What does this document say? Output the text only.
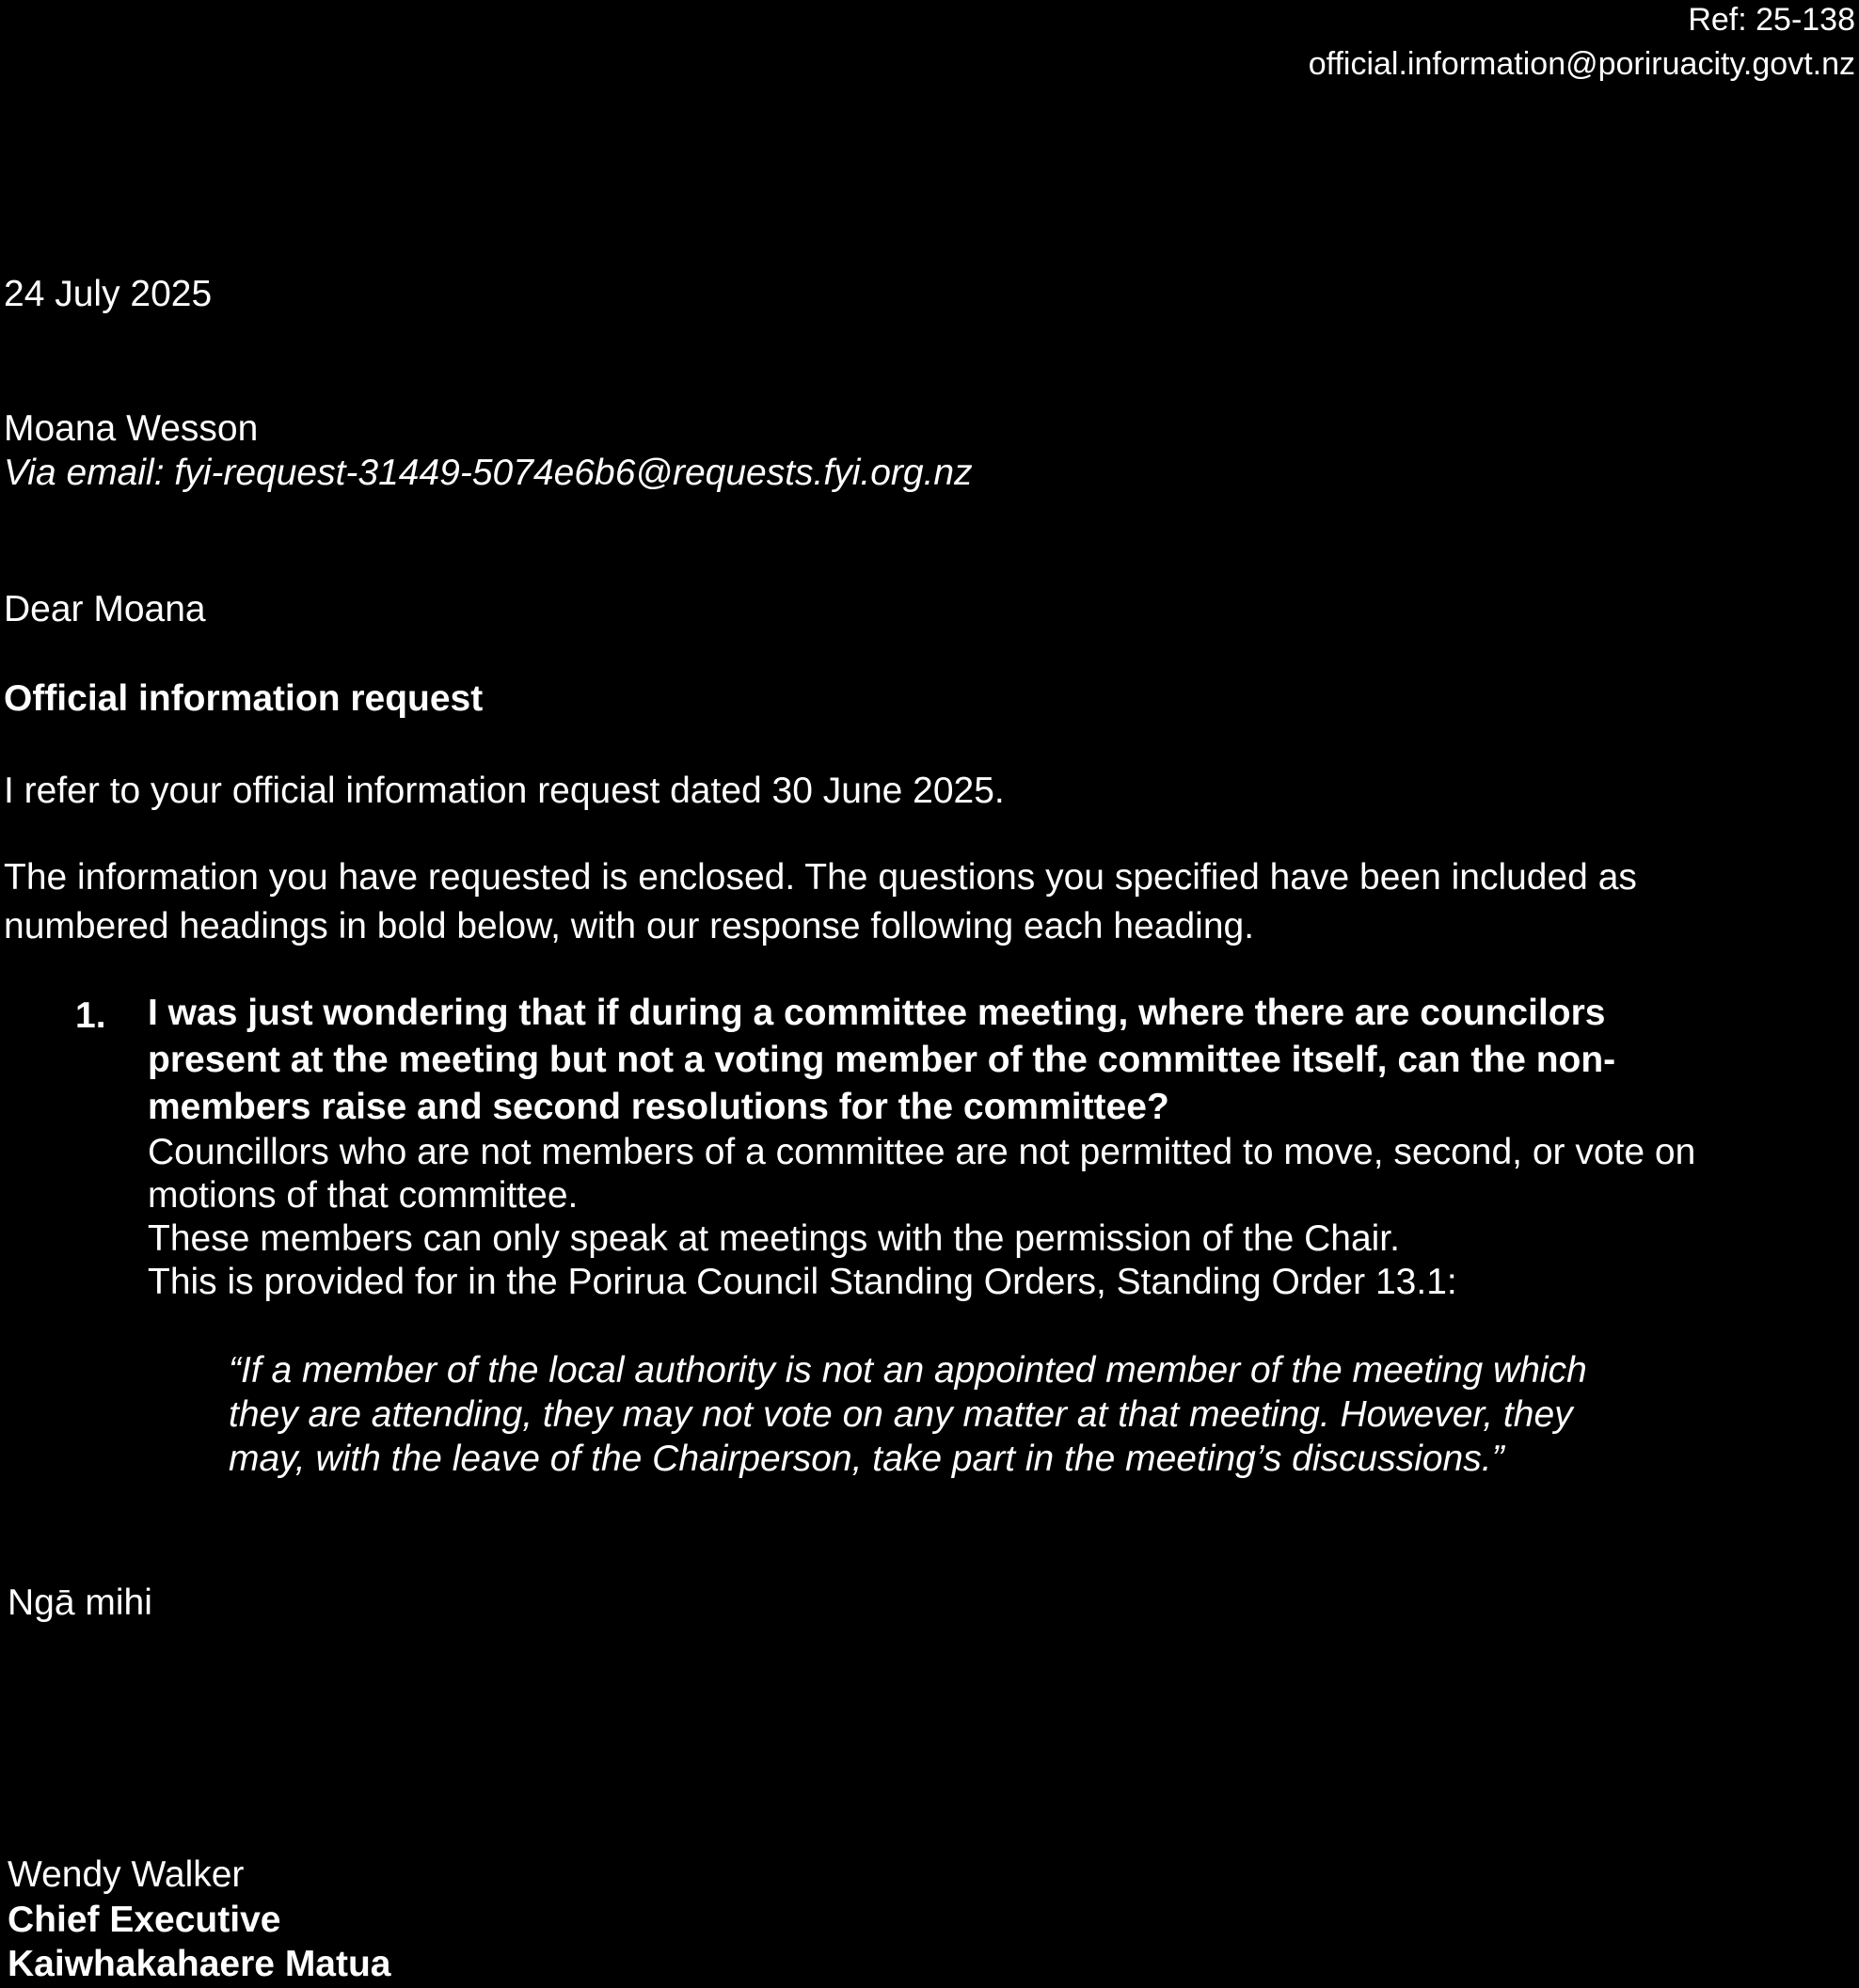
Ref: 25-138
official.information@poriruacity.govt.nz
24 July 2025
Moana Wesson
Via email: fyi-request-31449-5074e6b6@requests.fyi.org.nz
Dear Moana
Official information request
I refer to your official information request dated 30 June 2025.
The information you have requested is enclosed. The questions you specified have been included as
numbered headings in bold below, with our response following each heading.
1. I was just wondering that if during a committee meeting, where there are councilors
present at the meeting but not a voting member of the committee itself, can the non-
members raise and second resolutions for the committee?
Councillors who are not members of a committee are not permitted to move, second, or vote on
motions of that committee.
These members can only speak at meetings with the permission of the Chair.
This is provided for in the Porirua Council Standing Orders, Standing Order 13.1:
“If a member of the local authority is not an appointed member of the meeting which
they are attending, they may not vote on any matter at that meeting. However, they
may, with the leave of the Chairperson, take part in the meeting’s discussions.”
Ngā mihi
Wendy Walker
Chief Executive
Kaiwhakahaere Matua
